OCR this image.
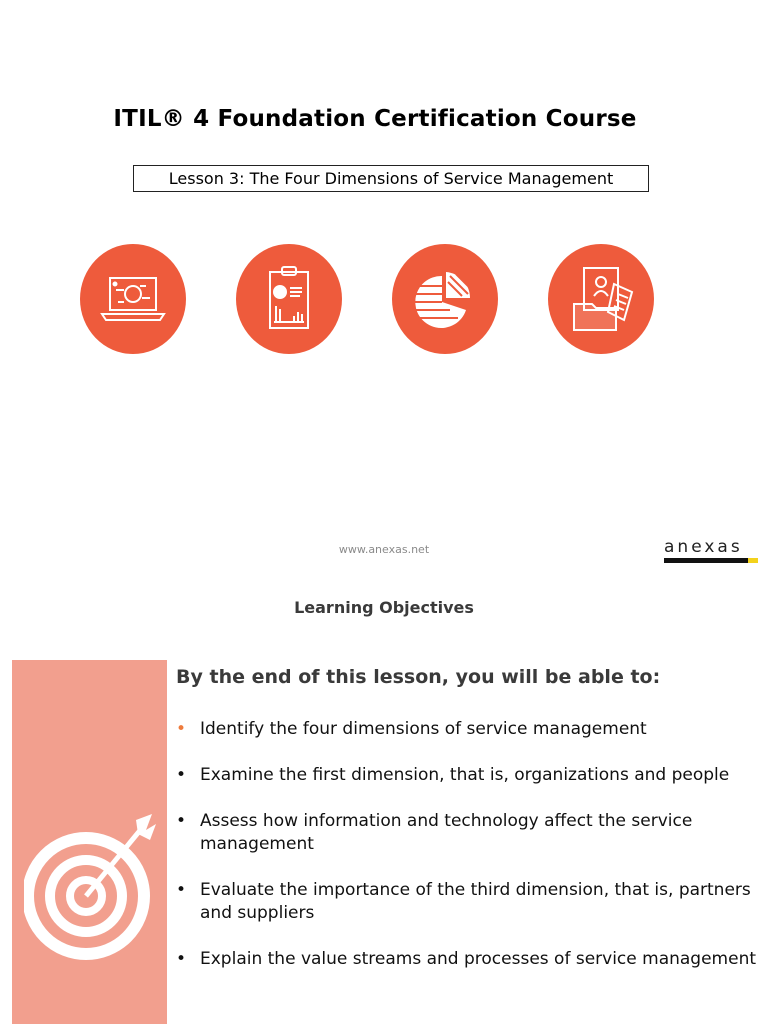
ITIL® 4 Foundation Certification Course
Lesson 3: The Four Dimensions of Service Management
www.anexas.net	anexas
Learning Objectives
By the end of this lesson, you will be able to:
• Identify the four dimensions of service management
• Examine the first dimension, that is, organizations and people
• Assess how information and technology affect the service management
• Evaluate the importance of the third dimension, that is, partners and suppliers
• Explain the value streams and processes of service management
